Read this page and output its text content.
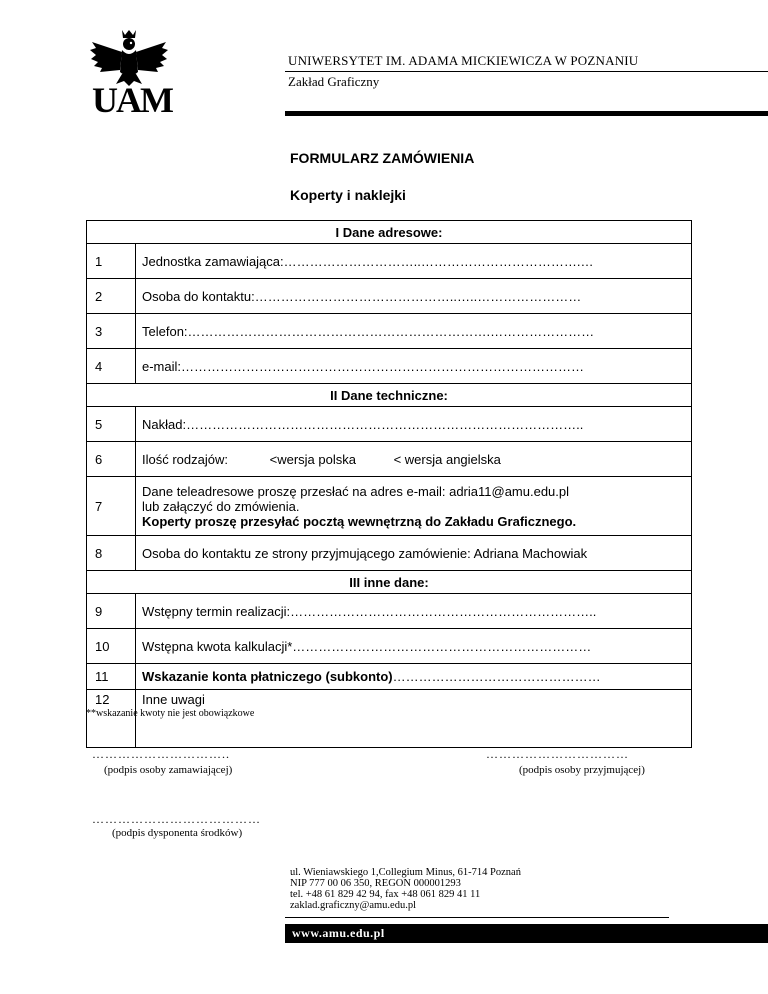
UAM
UNIWERSYTET IM. ADAMA MICKIEWICZA W POZNANIU
Zakład Graficzny
FORMULARZ ZAMÓWIENIA
Koperty i naklejki
I Dane adresowe:	
1	Jednostka zamawiająca:…………………………..……………………………….…
2	Osoba do kontaktu:………………………………………..…..……………………
3	Telefon:…………………………………………………………….……………………
4	e-mail:…………………………………………………………………………………
II Dane techniczne:	
5	Nakład:………………………………………………………………………………..
6	Ilość rodzajów: <wersja polska < wersja angielska
7	Dane teleadresowe proszę przesłać na adres e-mail: adria11@amu.edu.pl
lub załączyć do zmówienia.
Koperty proszę przesyłać pocztą wewnętrzną do Zakładu Graficznego.

8	Osoba do kontaktu ze strony przyjmującego zamówienie: Adriana Machowiak
III inne dane:	
9	Wstępny termin realizacji:……………………………………………………………..
10	Wstępna kwota kalkulacji*……………………………………………………………
11	Wskazanie konta płatniczego (subkonto)…………………………………………
12	Inne uwagi
**wskazanie kwoty nie jest obowiązkowe
…………………………..
(podpis osoby zamawiającej)
……………………………
(podpis osoby przyjmującej)
…………………………………
(podpis dysponenta środków)
ul. Wieniawskiego 1,Collegium Minus, 61-714 Poznań
NIP 777 00 06 350, REGON 000001293
tel. +48 61 829 42 94, fax +48 061 829 41 11
zaklad.graficzny@amu.edu.pl
www.amu.edu.pl
